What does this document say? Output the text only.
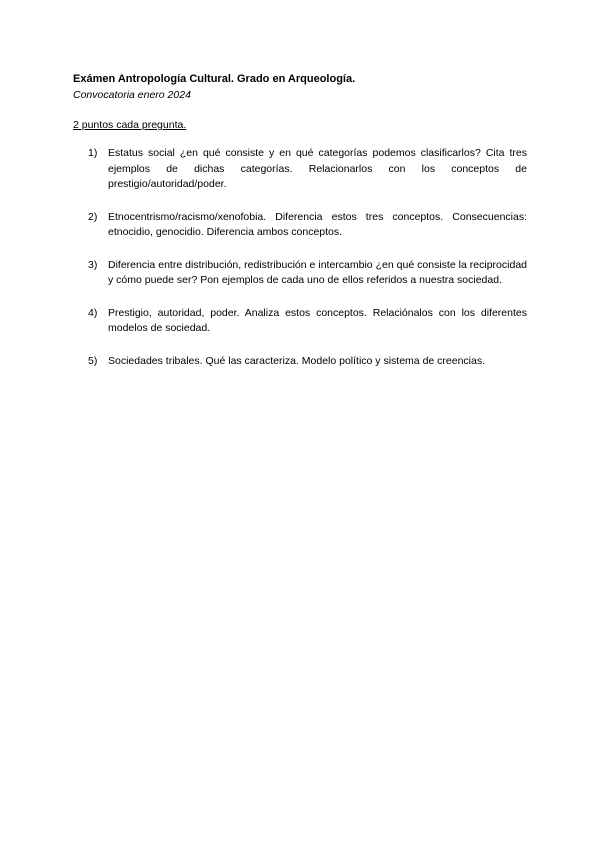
Exámen Antropología Cultural. Grado en Arqueología.
Convocatoria enero 2024
2 puntos cada pregunta.
1) Estatus social ¿en qué consiste y en qué categorías podemos clasificarlos? Cita tres ejemplos de dichas categorías. Relacionarlos con los conceptos de prestigio/autoridad/poder.
2) Etnocentrismo/racismo/xenofobia. Diferencia estos tres conceptos. Consecuencias: etnocidio, genocidio. Diferencia ambos conceptos.
3) Diferencia entre distribución, redistribución e intercambio ¿en qué consiste la reciprocidad y cómo puede ser? Pon ejemplos de cada uno de ellos referidos a nuestra sociedad.
4) Prestigio, autoridad, poder. Analiza estos conceptos. Relaciónalos con los diferentes modelos de sociedad.
5) Sociedades tribales. Qué las caracteriza. Modelo político y sistema de creencias.
